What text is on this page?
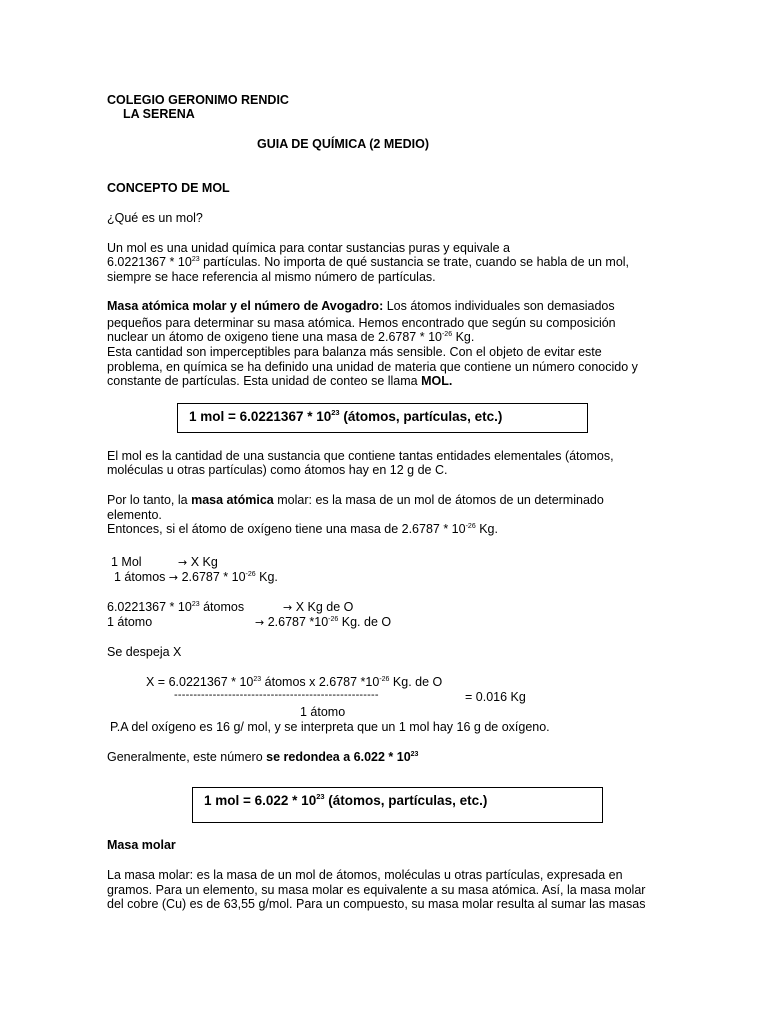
COLEGIO GERONIMO RENDIC
LA SERENA
GUIA DE QUÍMICA (2 MEDIO)
CONCEPTO DE MOL
¿Qué es un mol?
Un mol es una unidad química para contar sustancias puras y equivale a
$6.0221367 * 10^{23}$ partículas. No importa de qué sustancia se trate, cuando se habla de un mol,
siempre se hace referencia al mismo número de partículas.
Masa atómica molar y el número de Avogadro: Los átomos individuales son demasiados
pequeños para determinar su masa atómica. Hemos encontrado que según su composición
nuclear un átomo de oxigeno tiene una masa de $2.6787 * 10^{-26}$ Kg.
Esta cantidad son imperceptibles para balanza más sensible. Con el objeto de evitar este
problema, en química se ha definido una unidad de materia que contiene un número conocido y
constante de partículas. Esta unidad de conteo se llama MOL.
1 mol = $6.0221367 * 10^{23}$ (átomos, partículas, etc.)
El mol es la cantidad de una sustancia que contiene tantas entidades elementales (átomos,
moléculas u otras partículas) como átomos hay en 12 g de C.
Por lo tanto, la masa atómica molar: es la masa de un mol de átomos de un determinado
elemento.
Entonces, si el átomo de oxígeno tiene una masa de $2.6787 * 10^{-26}$ Kg.
1 Mol	→ X Kg
1 átomos → $2.6787 * 10^{-26}$ Kg.
$6.0221367 * 10^{23}$ átomos	→ X Kg de O
1 átomo	→ 2.6787 $*10^{-26}$ Kg. de O
Se despeja X
$X = 6.0221367 * 10^{23}$ átomos x 2.6787 $*10^{-26}$ Kg. de O
-----------------------------------------------------	= 0.016 Kg
1 átomo
P.A del oxígeno es 16 g/ mol, y se interpreta que un 1 mol hay 16 g de oxígeno.
Generalmente, este número se redondea a $6.022 * 10^{23}$
1 mol = $6.022 * 10^{23}$ (átomos, partículas, etc.)
Masa molar
La masa molar: es la masa de un mol de átomos, moléculas u otras partículas, expresada en
gramos. Para un elemento, su masa molar es equivalente a su masa atómica. Así, la masa molar
del cobre (Cu) es de 63,55 g/mol. Para un compuesto, su masa molar resulta al sumar las masas
